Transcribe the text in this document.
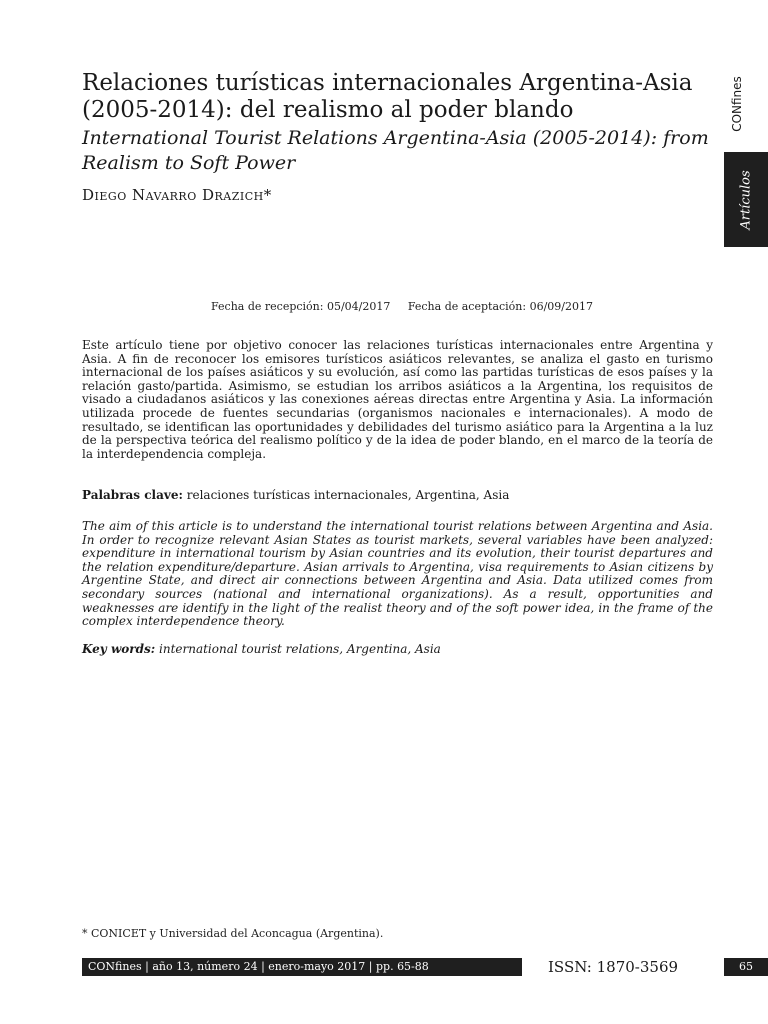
Relaciones turísticas internacionales Argentina-Asia (2005-2014): del realismo al poder blando
International Tourist Relations Argentina-Asia (2005-2014): from Realism to Soft Power
Diego Navarro Drazich*
CONfines
Artículos
Fecha de recepción: 05/04/2017 Fecha de aceptación: 06/09/2017

Este artículo tiene por objetivo conocer las relaciones turísticas internacionales entre Argentina y Asia. A fin de reconocer los emisores turísticos asiáticos relevantes, se analiza el gasto en turismo internacional de los países asiáticos y su evolución, así como las partidas turísticas de esos países y la relación gasto/partida. Asimismo, se estudian los arribos asiáticos a la Argentina, los requisitos de visado a ciudadanos asiáticos y las conexiones aéreas directas entre Argentina y Asia. La información utilizada procede de fuentes secundarias (organismos nacionales e internacionales). A modo de resultado, se identifican las oportunidades y debilidades del turismo asiático para la Argentina a la luz de la perspectiva teórica del realismo político y de la idea de poder blando, en el marco de la teoría de la interdependencia compleja.

Palabras clave: relaciones turísticas internacionales, Argentina, Asia

The aim of this article is to understand the international tourist relations between Argentina and Asia. In order to recognize relevant Asian States as tourist markets, several variables have been analyzed: expenditure in international tourism by Asian countries and its evolution, their tourist departures and the relation expenditure/departure. Asian arrivals to Argentina, visa requirements to Asian citizens by Argentine State, and direct air connections between Argentina and Asia. Data utilized comes from secondary sources (national and international organizations). As a result, opportunities and weaknesses are identify in the light of the realist theory and of the soft power idea, in the frame of the complex interdependence theory.

Key words: international tourist relations, Argentina, Asia

* CONICET y Universidad del Aconcagua (Argentina).
CONfines | año 13, número 24 | enero-mayo 2017 | pp. 65-88	ISSN: 1870-3569	65
